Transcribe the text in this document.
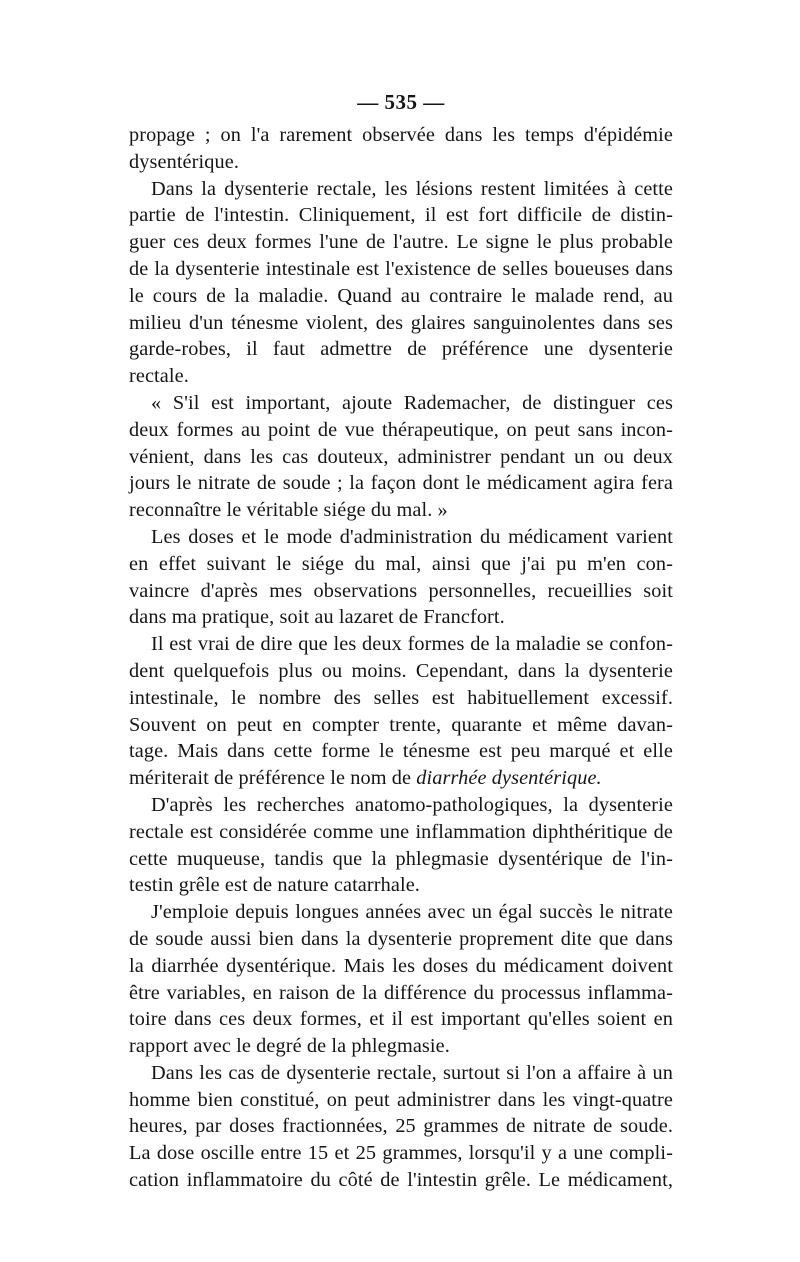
— 535 —
propage ; on l'a rarement observée dans les temps d'épidémie
dysentérique.
Dans la dysenterie rectale, les lésions restent limitées à cette
partie de l'intestin. Cliniquement, il est fort difficile de distin-
guer ces deux formes l'une de l'autre. Le signe le plus probable
de la dysenterie intestinale est l'existence de selles boueuses dans
le cours de la maladie. Quand au contraire le malade rend, au
milieu d'un ténesme violent, des glaires sanguinolentes dans ses
garde-robes, il faut admettre de préférence une dysenterie
rectale.
« S'il est important, ajoute Rademacher, de distinguer ces
deux formes au point de vue thérapeutique, on peut sans incon-
vénient, dans les cas douteux, administrer pendant un ou deux
jours le nitrate de soude ; la façon dont le médicament agira fera
reconnaître le véritable siége du mal. »
Les doses et le mode d'administration du médicament varient
en effet suivant le siége du mal, ainsi que j'ai pu m'en con-
vaincre d'après mes observations personnelles, recueillies soit
dans ma pratique, soit au lazaret de Francfort.
Il est vrai de dire que les deux formes de la maladie se confon-
dent quelquefois plus ou moins. Cependant, dans la dysenterie
intestinale, le nombre des selles est habituellement excessif.
Souvent on peut en compter trente, quarante et même davan-
tage. Mais dans cette forme le ténesme est peu marqué et elle
mériterait de préférence le nom de diarrhée dysentérique.
D'après les recherches anatomo-pathologiques, la dysenterie
rectale est considérée comme une inflammation diphthéritique de
cette muqueuse, tandis que la phlegmasie dysentérique de l'in-
testin grêle est de nature catarrhale.
J'emploie depuis longues années avec un égal succès le nitrate
de soude aussi bien dans la dysenterie proprement dite que dans
la diarrhée dysentérique. Mais les doses du médicament doivent
être variables, en raison de la différence du processus inflamma-
toire dans ces deux formes, et il est important qu'elles soient en
rapport avec le degré de la phlegmasie.
Dans les cas de dysenterie rectale, surtout si l'on a affaire à un
homme bien constitué, on peut administrer dans les vingt-quatre
heures, par doses fractionnées, 25 grammes de nitrate de soude.
La dose oscille entre 15 et 25 grammes, lorsqu'il y a une compli-
cation inflammatoire du côté de l'intestin grêle. Le médicament,
